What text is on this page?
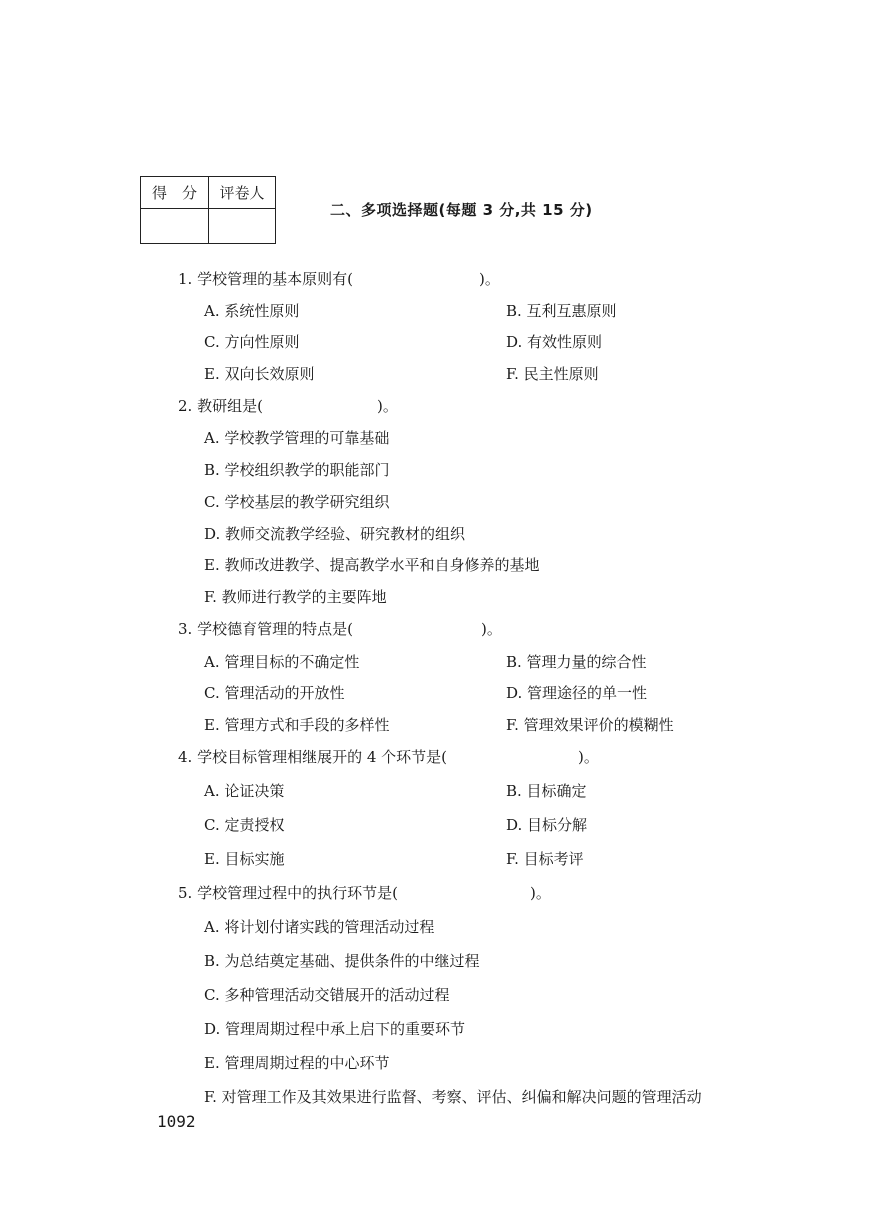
得　分	评卷人

二、多项选择题(每题 3 分,共 15 分)
1. 学校管理的基本原则有(	)。
A. 系统性原则	B. 互利互惠原则
C. 方向性原则	D. 有效性原则
E. 双向长效原则	F. 民主性原则
2. 教研组是(	)。
A. 学校教学管理的可靠基础
B. 学校组织教学的职能部门
C. 学校基层的教学研究组织
D. 教师交流教学经验、研究教材的组织
E. 教师改进教学、提高教学水平和自身修养的基地
F. 教师进行教学的主要阵地
3. 学校德育管理的特点是(	)。
A. 管理目标的不确定性	B. 管理力量的综合性
C. 管理活动的开放性	D. 管理途径的单一性
E. 管理方式和手段的多样性	F. 管理效果评价的模糊性
4. 学校目标管理相继展开的 4 个环节是(	)。
A. 论证决策	B. 目标确定
C. 定责授权	D. 目标分解
E. 目标实施	F. 目标考评
5. 学校管理过程中的执行环节是(	)。
A. 将计划付诸实践的管理活动过程
B. 为总结奠定基础、提供条件的中继过程
C. 多种管理活动交错展开的活动过程
D. 管理周期过程中承上启下的重要环节
E. 管理周期过程的中心环节
F. 对管理工作及其效果进行监督、考察、评估、纠偏和解决问题的管理活动
1092
